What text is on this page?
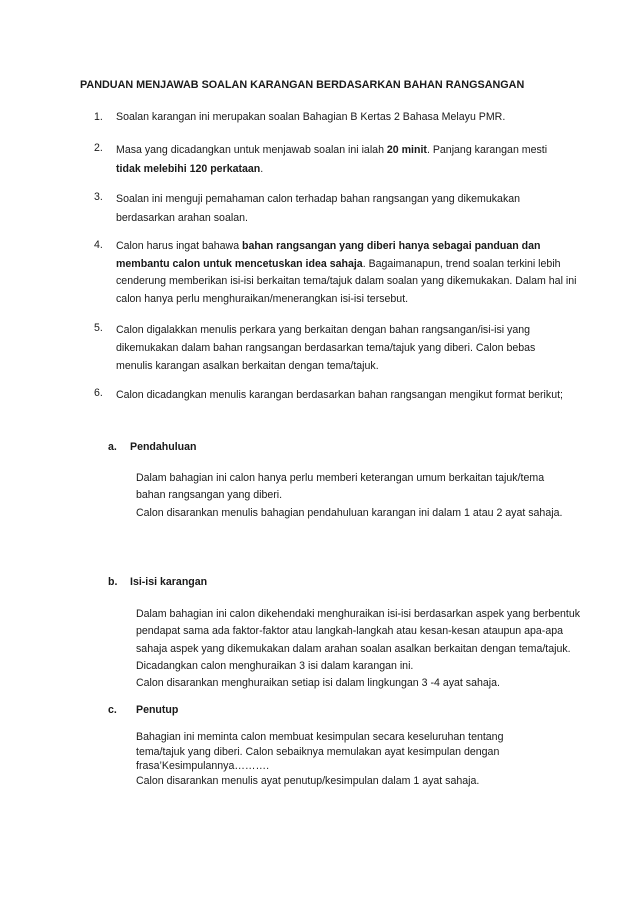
PANDUAN MENJAWAB SOALAN KARANGAN BERDASARKAN BAHAN RANGSANGAN
1.	Soalan karangan ini merupakan soalan Bahagian B Kertas 2 Bahasa Melayu PMR.
2.	Masa yang dicadangkan untuk menjawab soalan ini ialah 20 minit. Panjang karangan mesti tidak melebihi 120 perkataan.
3.	Soalan ini menguji pemahaman calon terhadap bahan rangsangan yang dikemukakan berdasarkan arahan soalan.
4.	Calon harus ingat bahawa bahan rangsangan yang diberi hanya sebagai panduan dan membantu calon untuk mencetuskan idea sahaja. Bagaimanapun, trend soalan terkini lebih cenderung memberikan isi-isi berkaitan tema/tajuk dalam soalan yang dikemukakan. Dalam hal ini calon hanya perlu menghuraikan/menerangkan isi-isi tersebut.
5.	Calon digalakkan menulis perkara yang berkaitan dengan bahan rangsangan/isi-isi yang dikemukakan dalam bahan rangsangan berdasarkan tema/tajuk yang diberi. Calon bebas menulis karangan asalkan berkaitan dengan tema/tajuk.
6.	Calon dicadangkan menulis karangan berdasarkan bahan rangsangan mengikut format berikut;
a. Pendahuluan
Dalam bahagian ini calon hanya perlu memberi keterangan umum berkaitan tajuk/tema bahan rangsangan yang diberi.
Calon disarankan menulis bahagian pendahuluan karangan ini dalam 1 atau 2 ayat sahaja.
b. Isi-isi karangan
Dalam bahagian ini calon dikehendaki menghuraikan isi-isi berdasarkan aspek yang berbentuk pendapat sama ada faktor-faktor atau langkah-langkah atau kesan-kesan ataupun apa-apa sahaja aspek yang dikemukakan dalam arahan soalan asalkan berkaitan dengan tema/tajuk. Dicadangkan calon menghuraikan 3 isi dalam karangan ini.
Calon disarankan menghuraikan setiap isi dalam lingkungan 3 -4 ayat sahaja.
c. Penutup
Bahagian ini meminta calon membuat kesimpulan secara keseluruhan tentang tema/tajuk yang diberi. Calon sebaiknya memulakan ayat kesimpulan dengan frasa’Kesimpulannya……….
Calon disarankan menulis ayat penutup/kesimpulan dalam 1 ayat sahaja.
